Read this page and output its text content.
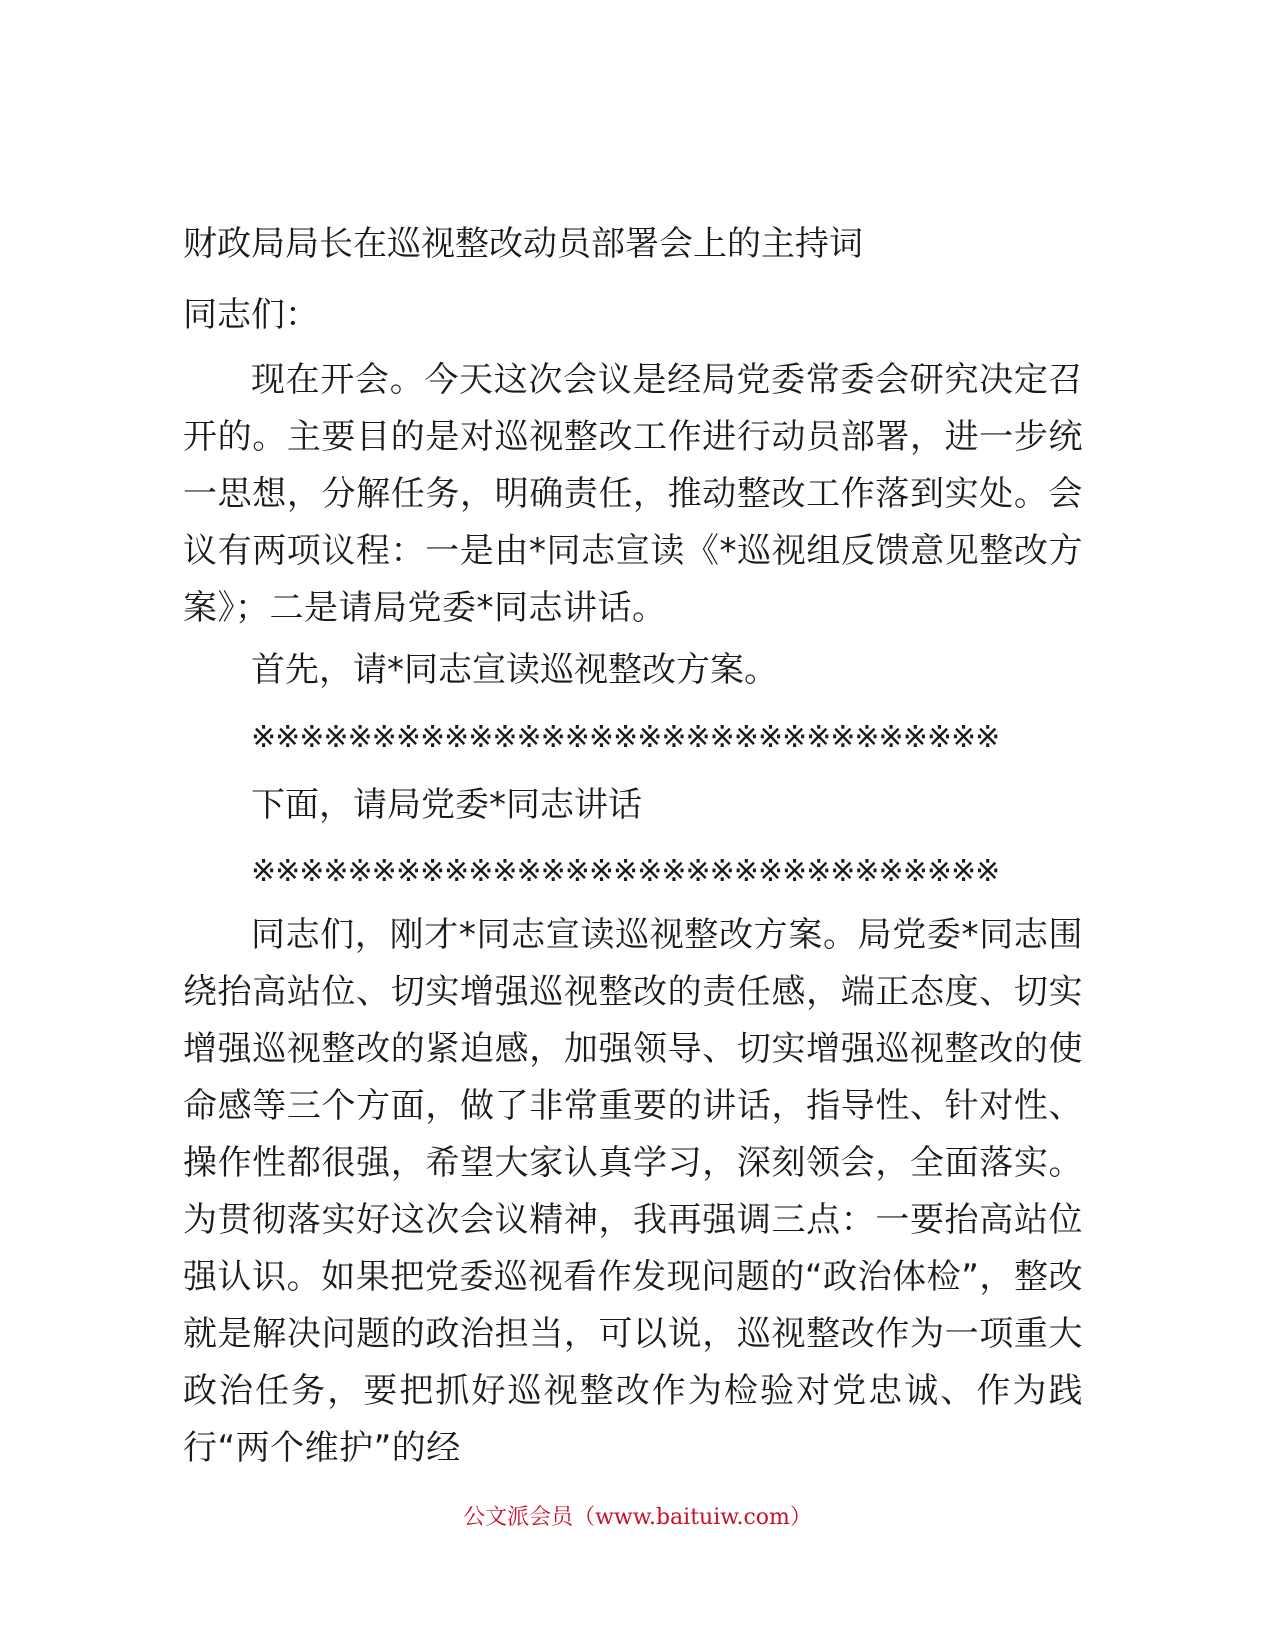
财政局局长在巡视整改动员部署会上的主持词
同志们：

现在开会。今天这次会议是经局党委常委会研究决定召开的。主要目的是对巡视整改工作进行动员部署，进一步统一思想，分解任务，明确责任，推动整改工作落到实处。会议有两项议程：一是由*同志宣读《*巡视组反馈意见整改方案》；二是请局党委*同志讲话。

首先，请*同志宣读巡视整改方案。
※※※※※※※※※※※※※※※※※※※※※※※※※※※※※※※
下面，请局党委*同志讲话
※※※※※※※※※※※※※※※※※※※※※※※※※※※※※※※

同志们，刚才*同志宣读巡视整改方案。局党委*同志围绕抬高站位、切实增强巡视整改的责任感，端正态度、切实增强巡视整改的紧迫感，加强领导、切实增强巡视整改的使命感等三个方面，做了非常重要的讲话，指导性、针对性、操作性都很强，希望大家认真学习，深刻领会，全面落实。为贯彻落实好这次会议精神，我再强调三点：一要抬高站位强认识。如果把党委巡视看作发现问题的“政治体检”，整改就是解决问题的政治担当，可以说，巡视整改作为一项重大政治任务，要把抓好巡视整改作为检验对党忠诚、作为践行“两个维护”的经

公文派会员（www.baituiw.com）
